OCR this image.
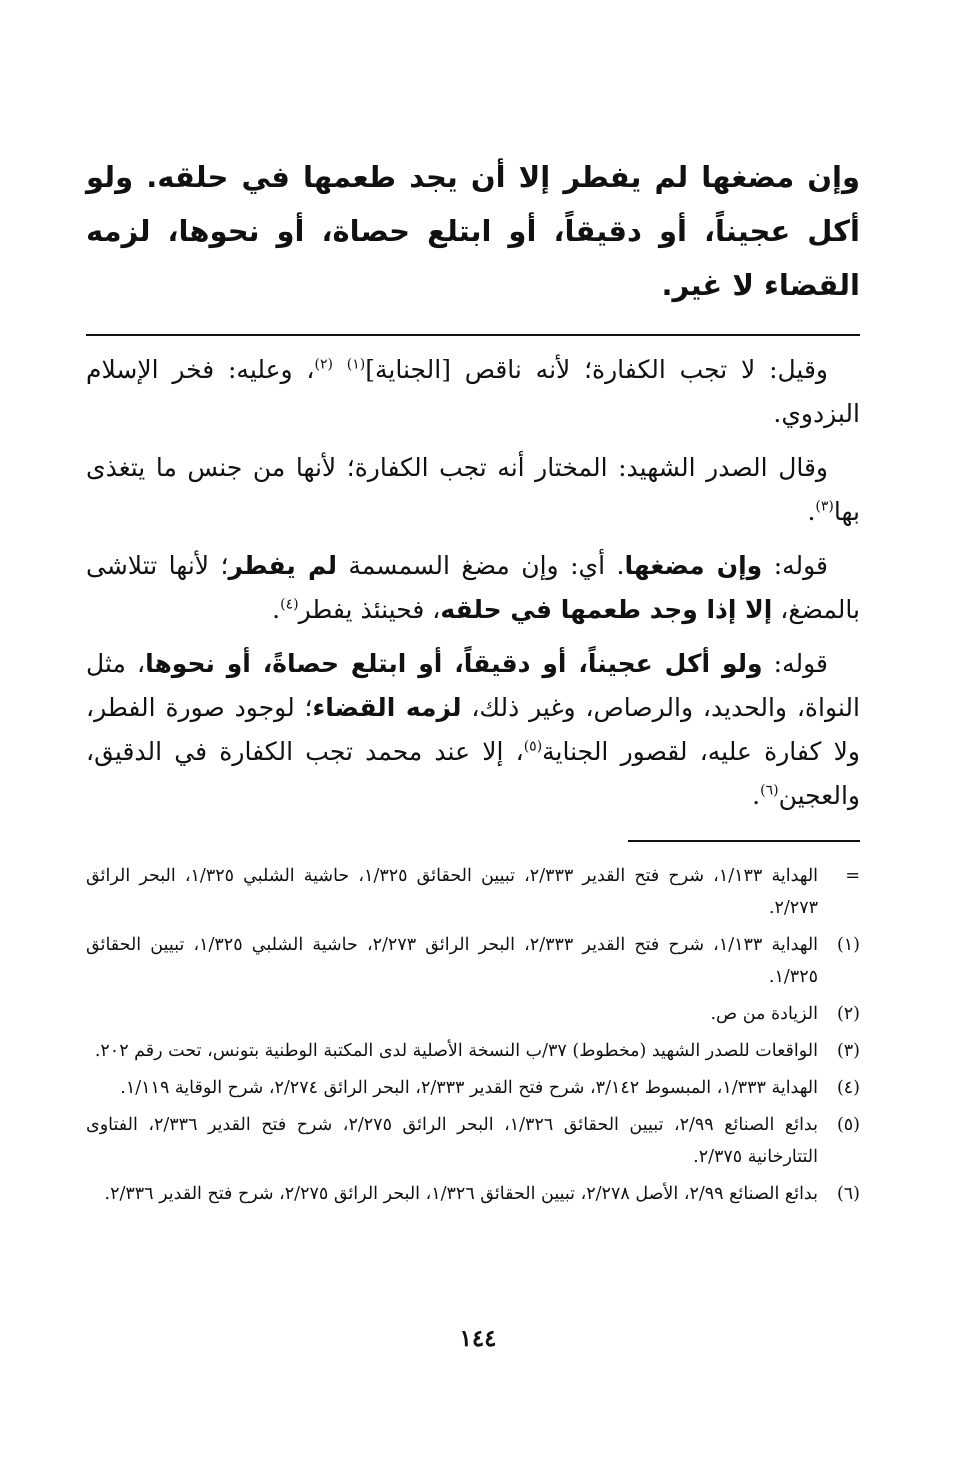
وإن مضغها لم يفطر إلا أن يجد طعمها في حلقه. ولو أكل عجيناً، أو دقيقاً، أو ابتلع حصاة، أو نحوها، لزمه القضاء لا غير.

وقيل: لا تجب الكفارة؛ لأنه ناقص [الجناية]$^{(١)}$ $^{(٢)}$، وعليه: فخر الإسلام البزدوي.

وقال الصدر الشهيد: المختار أنه تجب الكفارة؛ لأنها من جنس ما يتغذى بها$^{(٣)}$.

قوله: وإن مضغها. أي: وإن مضغ السمسمة لم يفطر؛ لأنها تتلاشى بالمضغ، إلا إذا وجد طعمها في حلقه، فحينئذ يفطر$^{(٤)}$.

قوله: ولو أكل عجيناً، أو دقيقاً، أو ابتلع حصاةً، أو نحوها، مثل النواة، والحديد، والرصاص، وغير ذلك، لزمه القضاء؛ لوجود صورة الفطر، ولا كفارة عليه، لقصور الجناية$^{(٥)}$، إلا عند محمد تجب الكفارة في الدقيق، والعجين$^{(٦)}$.

=
الهداية ١/١٣٣، شرح فتح القدير ٢/٣٣٣، تبيين الحقائق ١/٣٢٥، حاشية الشلبي ١/٣٢٥، البحر الرائق ٢/٢٧٣.
(١)
الهداية ١/١٣٣، شرح فتح القدير ٢/٣٣٣، البحر الرائق ٢/٢٧٣، حاشية الشلبي ١/٣٢٥، تبيين الحقائق ١/٣٢٥.
(٢)
الزيادة من ص.
(٣)
الواقعات للصدر الشهيد (مخطوط) ٣٧/ب النسخة الأصلية لدى المكتبة الوطنية بتونس، تحت رقم ٢٠٢.
(٤)
الهداية ١/٣٣٣، المبسوط ٣/١٤٢، شرح فتح القدير ٢/٣٣٣، البحر الرائق ٢/٢٧٤، شرح الوقاية ١/١١٩.
(٥)
بدائع الصنائع ٢/٩٩، تبيين الحقائق ١/٣٢٦، البحر الرائق ٢/٢٧٥، شرح فتح القدير ٢/٣٣٦، الفتاوى التتارخانية ٢/٣٧٥.
(٦)
بدائع الصنائع ٢/٩٩، الأصل ٢/٢٧٨، تبيين الحقائق ١/٣٢٦، البحر الرائق ٢/٢٧٥، شرح فتح القدير ٢/٣٣٦.
١٤٤
